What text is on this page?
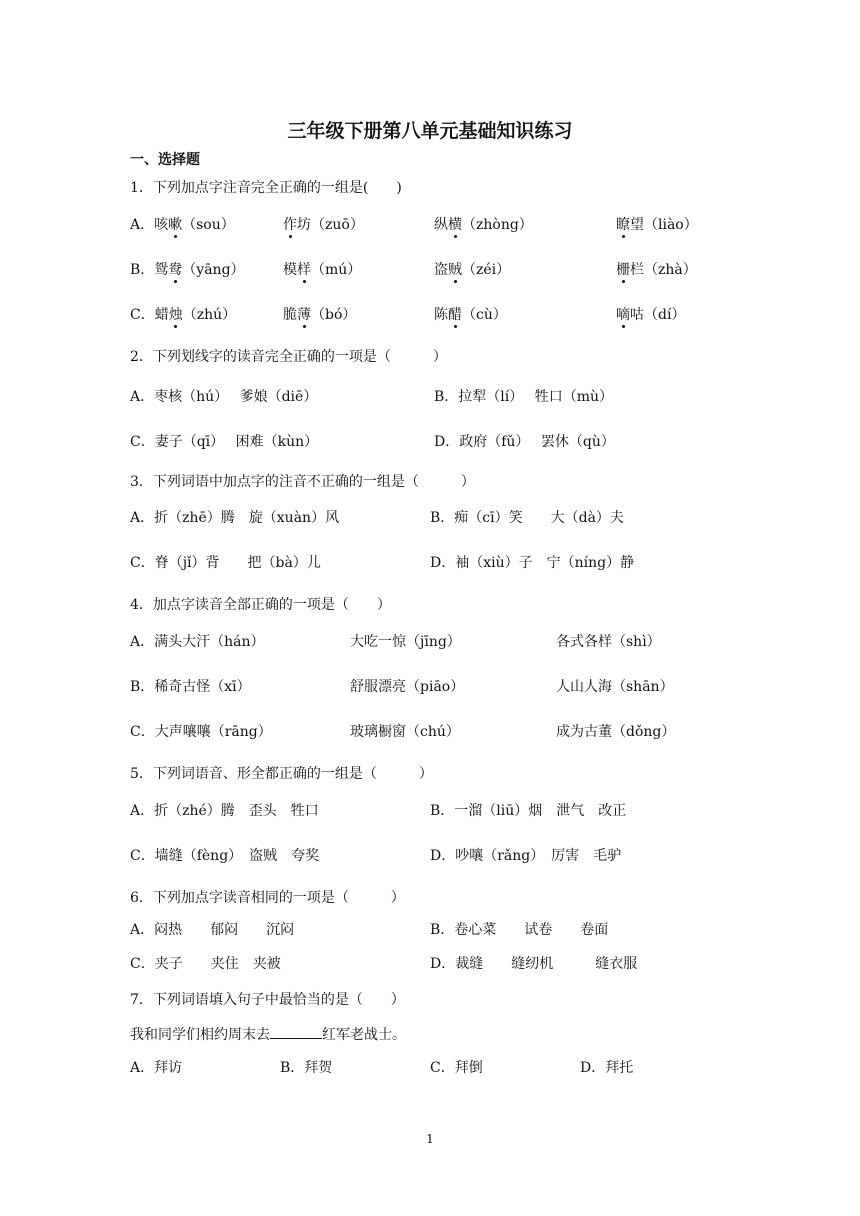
三年级下册第八单元基础知识练习
一、选择题
1．下列加点字注音完全正确的一组是(　　)
A．咳嗽（sou）	作坊（zuō）	纵横（zhòng）	瞭望（liào）
B．鸳鸯（yāng）	模样（mú）	盗贼（zéi）	栅栏（zhà）
C．蜡烛（zhú）	脆薄（bó）	陈醋（cù）	嘀咕（dí）
2．下列划线字的读音完全正确的一项是（　　　）
A．枣核（hú）　 爹娘（diē）	B．拉犁（lí）　 牲口（mù）
C．妻子（qī）　 困难（kùn）	D．政府（fǔ）　 罢休（qù）
3．下列词语中加点字的注音不正确的一组是（　　　）
A．折（zhē）腾　旋（xuàn）风	B．痴（cī）笑　　大（dà）夫
C．脊（jǐ）背　　把（bà）儿	D．袖（xiù）子　宁（níng）静
4．加点字读音全部正确的一项是（　　）
A．满头大汗（hán）	大吃一惊（jīng）	各式各样（shì）
B．稀奇古怪（xī）	舒服漂亮（piāo）	人山人海（shān）
C．大声嚷嚷（rāng）	玻璃橱窗（chú）	成为古董（dǒng）
5．下列词语音、形全都正确的一组是（　　　）
A．折（zhé）腾　歪头　牲口	B．一溜（liū）烟　泄气　改正
C．墙缝（fèng）　盗贼　夸奖	D．吵嚷（rǎng）　厉害　毛驴
6．下列加点字读音相同的一项是（　　　）
A．闷热　　郁闷　　沉闷	B．卷心菜　　试卷　　卷面
C．夹子　　夹住　夹被	D．裁缝　　缝纫机　　　缝衣服
7．下列词语填入句子中最恰当的是（　　）
我和同学们相约周末去	红军老战士。
A．拜访	B．拜贺	C．拜倒	D．拜托
1
